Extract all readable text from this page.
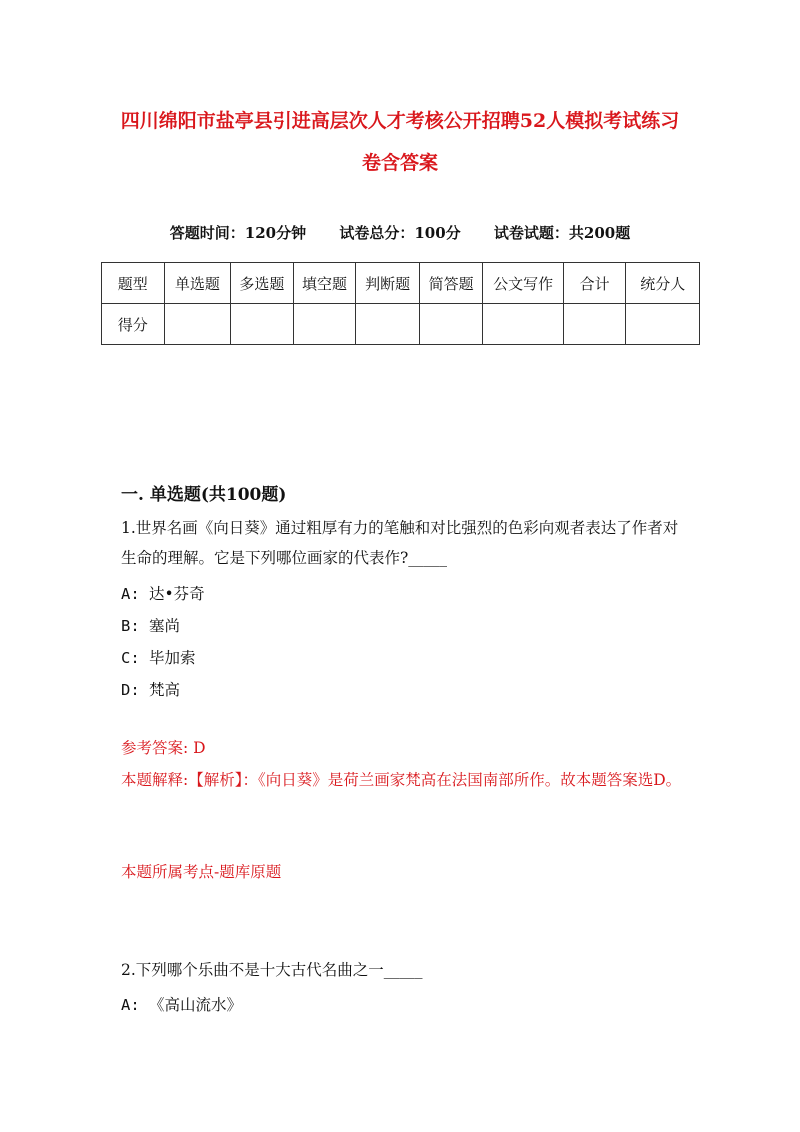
四川绵阳市盐亭县引进高层次人才考核公开招聘52人模拟考试练习
卷含答案
答题时间：120分钟 试卷总分：100分 试卷试题：共200题
题型	单选题	多选题	填空题	判断题	简答题	公文写作	合计	统分人
得分								
一. 单选题(共100题)
1.世界名画《向日葵》通过粗厚有力的笔触和对比强烈的色彩向观者表达了作者对生命的理解。它是下列哪位画家的代表作?_____
A: 达•芬奇
B: 塞尚
C: 毕加索
D: 梵高
参考答案: D
本题解释:【解析】：《向日葵》是荷兰画家梵高在法国南部所作。故本题答案选D。
本题所属考点-题库原题
2.下列哪个乐曲不是十大古代名曲之一_____
A: 《高山流水》
